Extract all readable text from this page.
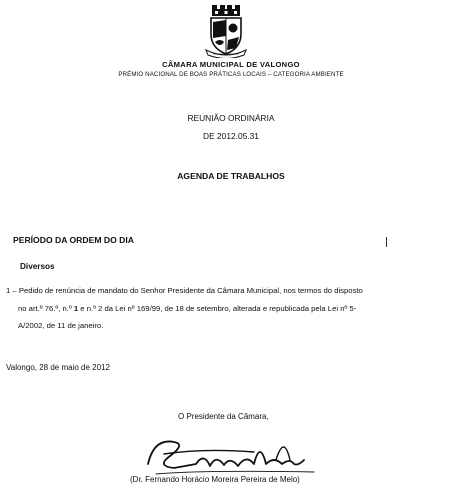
CÂMARA MUNICIPAL DE VALONGO
PRÉMIO NACIONAL DE BOAS PRÁTICAS LOCAIS – CATEGORIA AMBIENTE
REUNIÃO ORDINÁRIA
DE 2012.05.31
AGENDA DE TRABALHOS
PERÍODO DA ORDEM DO DIA
Diversos
1 – Pedido de renúncia de mandato do Senhor Presidente da Câmara Municipal, nos termos do disposto
no art.º 76.º, n.º 1 e n.º 2 da Lei nº 169/99, de 18 de setembro, alterada e republicada pela Lei nº 5-
A/2002, de 11 de janeiro.
Valongo, 28 de maio de 2012
O Presidente da Câmara,
(Dr. Fernando Horácio Moreira Pereira de Melo)
